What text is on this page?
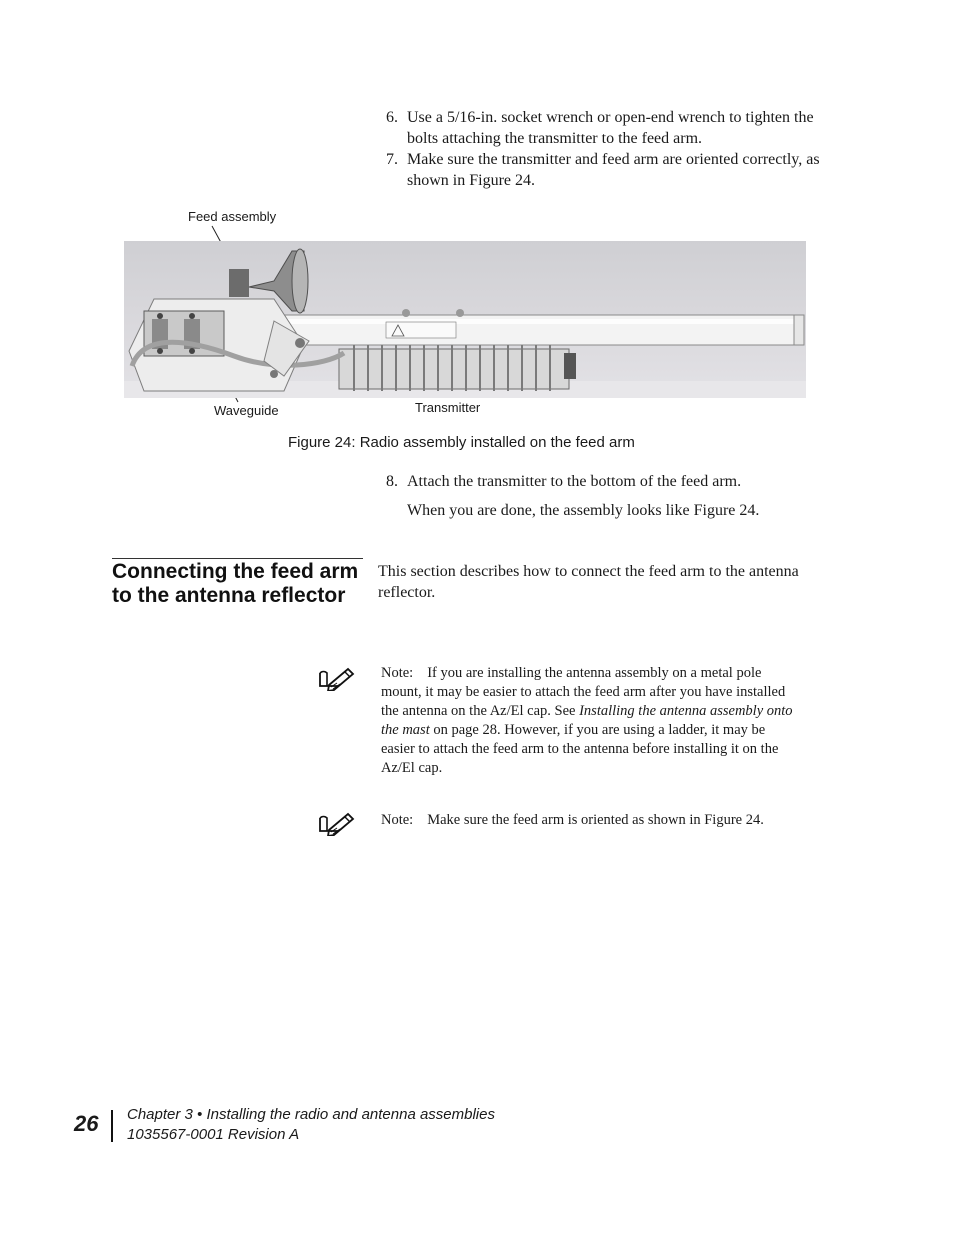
6. Use a 5/16-in. socket wrench or open-end wrench to tighten the bolts attaching the transmitter to the feed arm.
7. Make sure the transmitter and feed arm are oriented correctly, as shown in Figure 24.
Feed assembly
Waveguide	Transmitter
Figure 24: Radio assembly installed on the feed arm
8. Attach the transmitter to the bottom of the feed arm.
When you are done, the assembly looks like Figure 24.
Connecting the feed arm to the antenna reflector
This section describes how to connect the feed arm to the antenna reflector.
Note: If you are installing the antenna assembly on a metal pole mount, it may be easier to attach the feed arm after you have installed the antenna on the Az/El cap. See Installing the antenna assembly onto the mast on page 28. However, if you are using a ladder, it may be easier to attach the feed arm to the antenna before installing it on the Az/El cap.
Note: Make sure the feed arm is oriented as shown in Figure 24.
26 Chapter 3 • Installing the radio and antenna assemblies
1035567-0001 Revision A
